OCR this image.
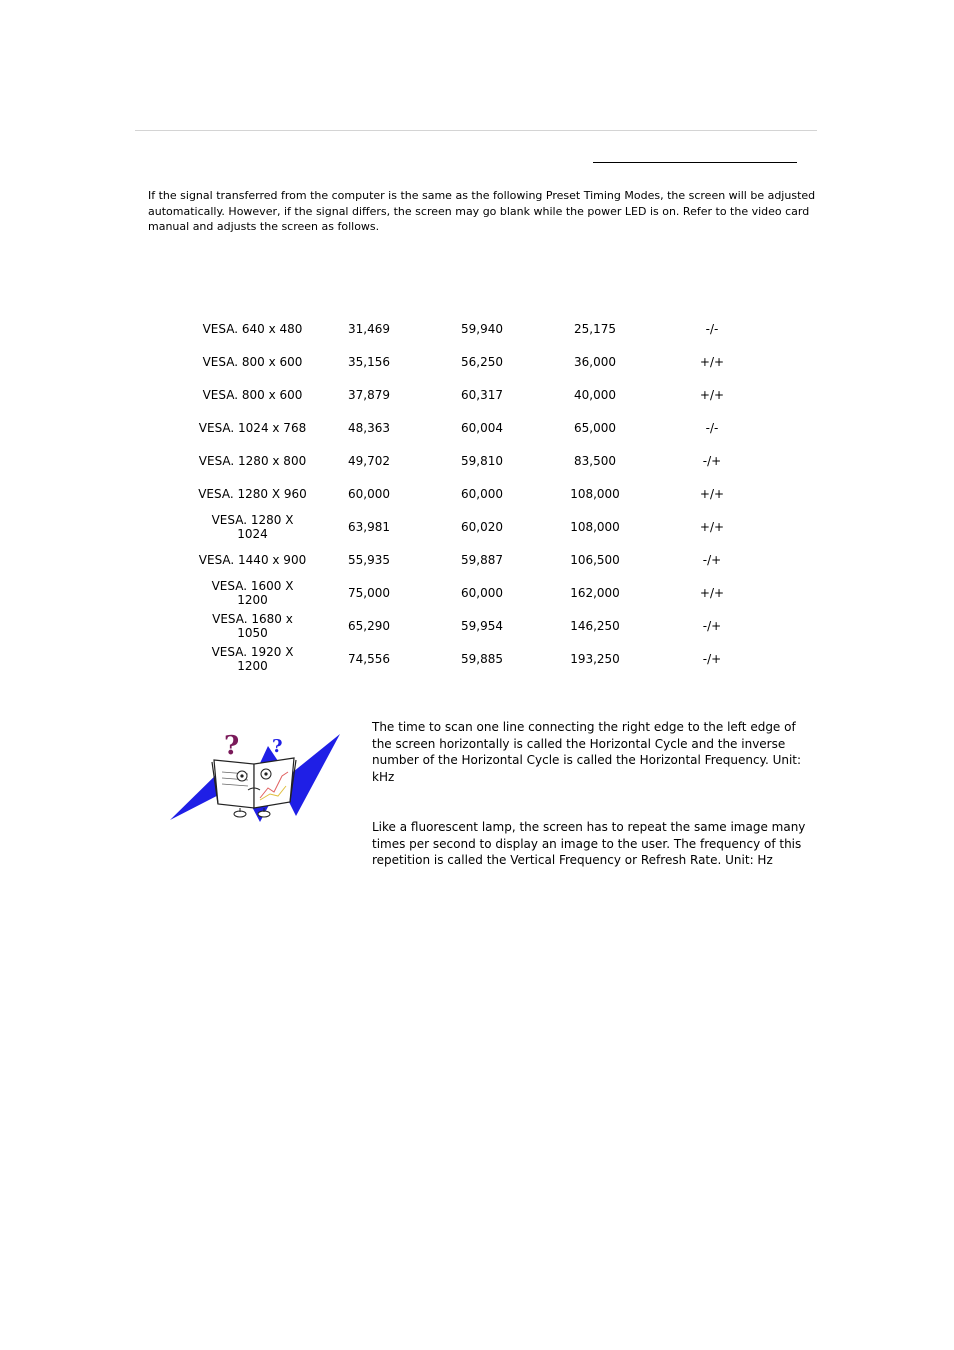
If the signal transferred from the computer is the same as the following Preset Timing Modes, the screen will be adjusted automatically. However, if the signal differs, the screen may go blank while the power LED is on. Refer to the video card manual and adjusts the screen as follows.

VESA. 640 x 480	31,469	59,940	25,175	-/-
VESA. 800 x 600	35,156	56,250	36,000	+/+
VESA. 800 x 600	37,879	60,317	40,000	+/+
VESA. 1024 x 768	48,363	60,004	65,000	-/-
VESA. 1280 x 800	49,702	59,810	83,500	-/+
VESA. 1280 X 960	60,000	60,000	108,000	+/+
VESA. 1280 X 1024	63,981	60,020	108,000	+/+
VESA. 1440 x 900	55,935	59,887	106,500	-/+
VESA. 1600 X 1200	75,000	60,000	162,000	+/+
VESA. 1680 x 1050	65,290	59,954	146,250	-/+
VESA. 1920 X 1200	74,556	59,885	193,250	-/+
? ?

The time to scan one line connecting the right edge to the left edge of the screen horizontally is called the Horizontal Cycle and the inverse number of the Horizontal Cycle is called the Horizontal Frequency. Unit: kHz

Like a fluorescent lamp, the screen has to repeat the same image many times per second to display an image to the user. The frequency of this repetition is called the Vertical Frequency or Refresh Rate. Unit: Hz
